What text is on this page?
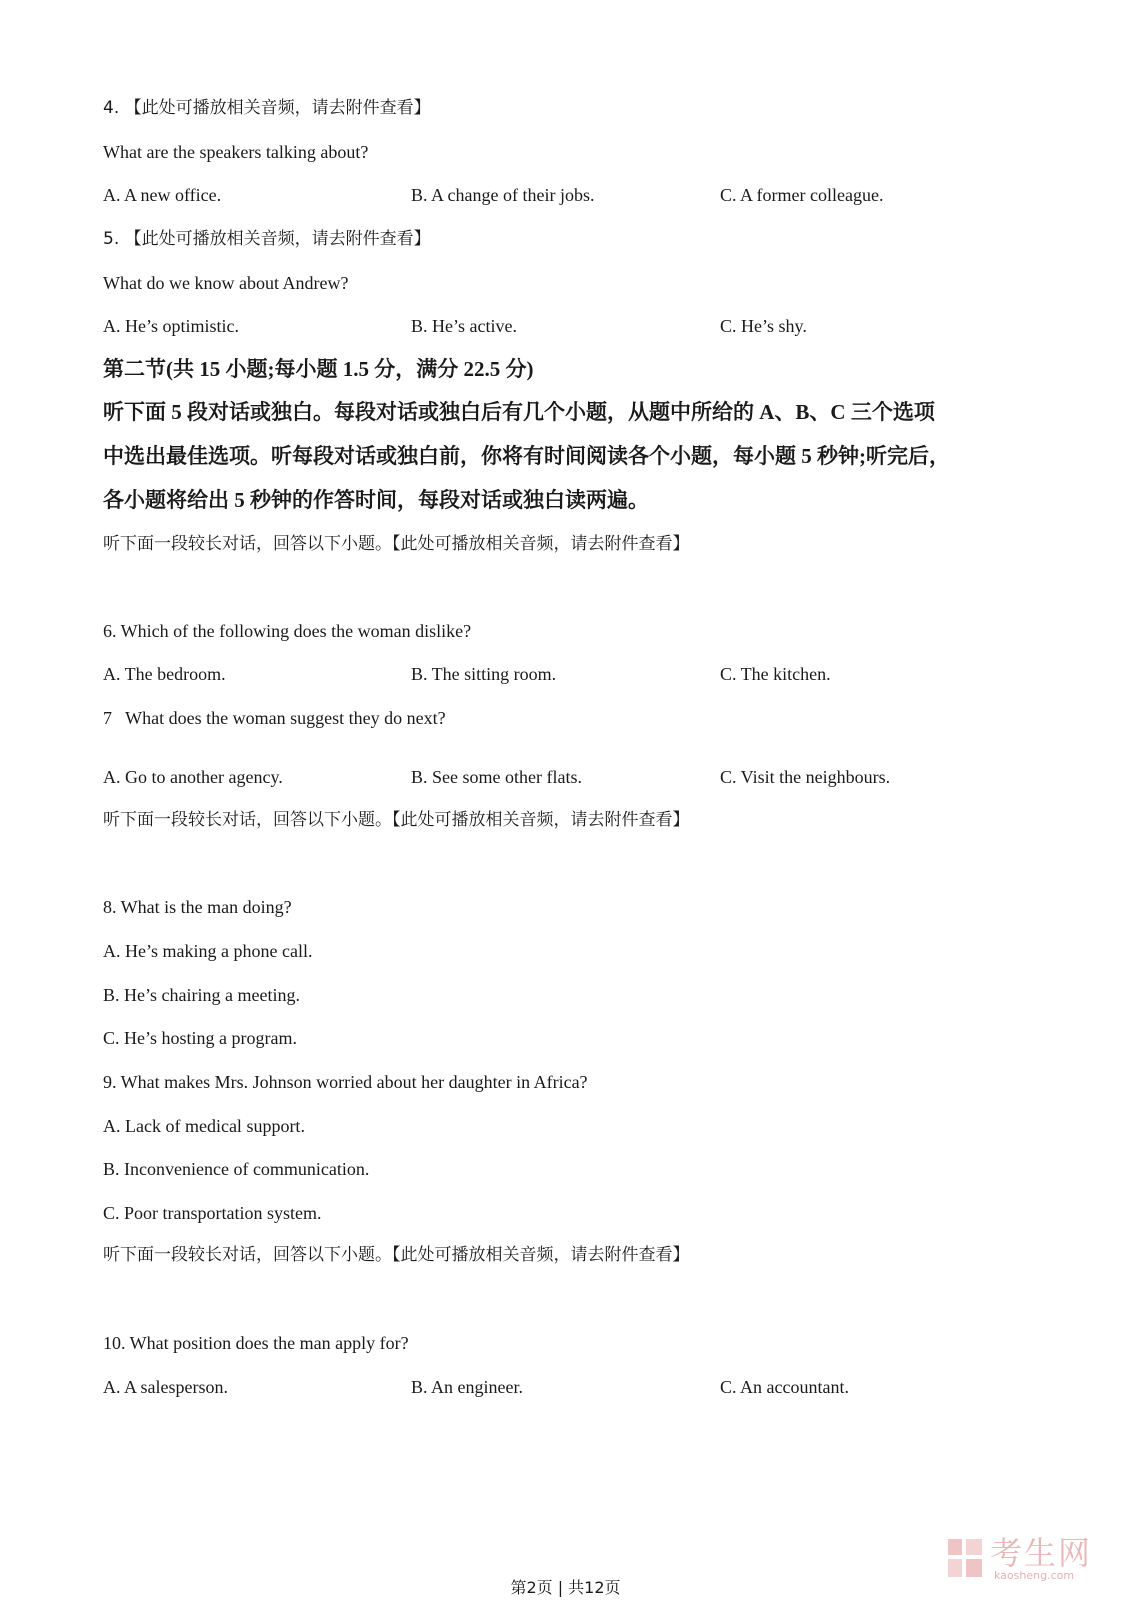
4. 【此处可播放相关音频，请去附件查看】
What are the speakers talking about?
A. A new office.	B. A change of their jobs.	C. A former colleague.
5. 【此处可播放相关音频，请去附件查看】
What do we know about Andrew?
A. He’s optimistic.	B. He’s active.	C. He’s shy.
第二节(共 15 小题;每小题 1.5 分，满分 22.5 分)
听下面 5 段对话或独白。每段对话或独白后有几个小题，从题中所给的 A、B、C 三个选项
中选出最佳选项。听每段对话或独白前，你将有时间阅读各个小题，每小题 5 秒钟;听完后，
各小题将给出 5 秒钟的作答时间，每段对话或独白读两遍。
听下面一段较长对话，回答以下小题。【此处可播放相关音频，请去附件查看】
6. Which of the following does the woman dislike?
A. The bedroom.	B. The sitting room.	C. The kitchen.
7   What does the woman suggest they do next?
A. Go to another agency.	B. See some other flats.	C. Visit the neighbours.
听下面一段较长对话，回答以下小题。【此处可播放相关音频，请去附件查看】
8. What is the man doing?
A. He’s making a phone call.
B. He’s chairing a meeting.
C. He’s hosting a program.
9. What makes Mrs. Johnson worried about her daughter in Africa?
A. Lack of medical support.
B. Inconvenience of communication.
C. Poor transportation system.
听下面一段较长对话，回答以下小题。【此处可播放相关音频，请去附件查看】
10. What position does the man apply for?
A. A salesperson.	B. An engineer.	C. An accountant.
考生网
kaosheng.com
第2页 | 共12页
